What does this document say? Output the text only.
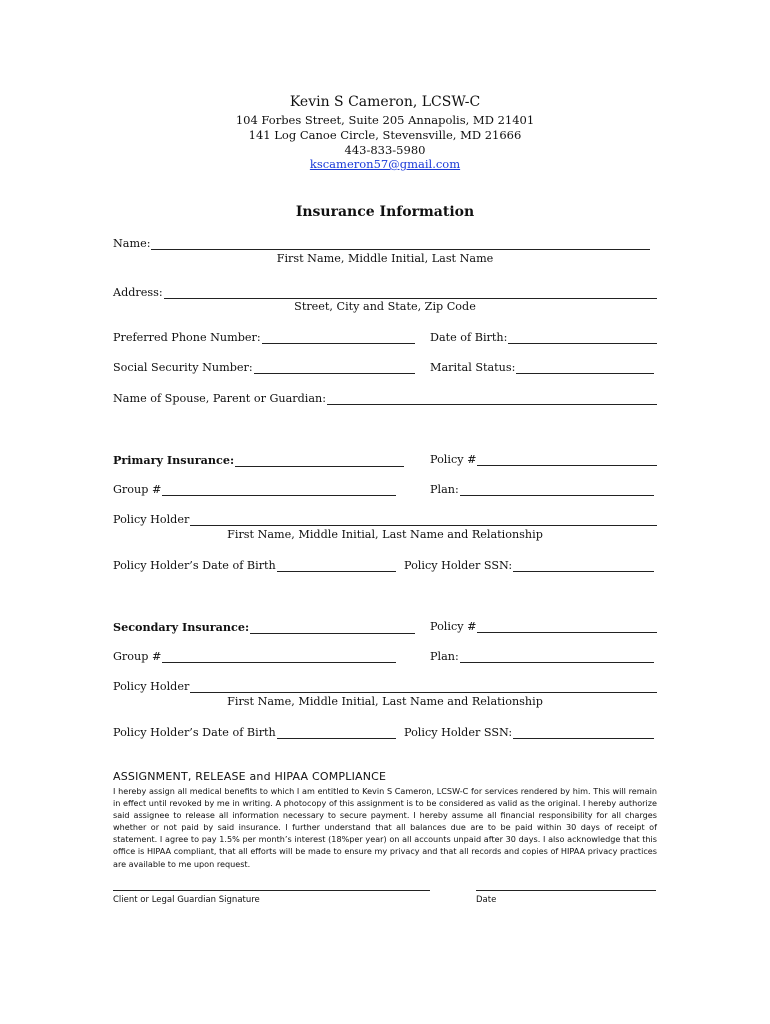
Kevin S Cameron, LCSW-C
104 Forbes Street, Suite 205 Annapolis, MD 21401
141 Log Canoe Circle, Stevensville, MD 21666
443-833-5980
kscameron57@gmail.com
Insurance Information
Name:
First Name, Middle Initial, Last Name
Address:
Street, City and State, Zip Code
Preferred Phone Number:	Date of Birth:
Social Security Number:	Marital Status:
Name of Spouse, Parent or Guardian:
Primary Insurance:	Policy #
Group #	Plan:
Policy Holder
First Name, Middle Initial, Last Name and Relationship
Policy Holder’s Date of Birth	Policy Holder SSN:
Secondary Insurance:	Policy #
Group #	Plan:
Policy Holder
First Name, Middle Initial, Last Name and Relationship
Policy Holder’s Date of Birth	Policy Holder SSN:
ASSIGNMENT, RELEASE and HIPAA COMPLIANCE
I hereby assign all medical benefits to which I am entitled to Kevin S Cameron, LCSW-C for services rendered by him. This will remain in effect until revoked by me in writing. A photocopy of this assignment is to be considered as valid as the original. I hereby authorize said assignee to release all information necessary to secure payment. I hereby assume all financial responsibility for all charges whether or not paid by said insurance. I further understand that all balances due are to be paid within 30 days of receipt of statement. I agree to pay 1.5% per month’s interest (18%per year) on all accounts unpaid after 30 days. I also acknowledge that this office is HIPAA compliant, that all efforts will be made to ensure my privacy and that all records and copies of HIPAA privacy practices are available to me upon request.
Client or Legal Guardian Signature	Date
